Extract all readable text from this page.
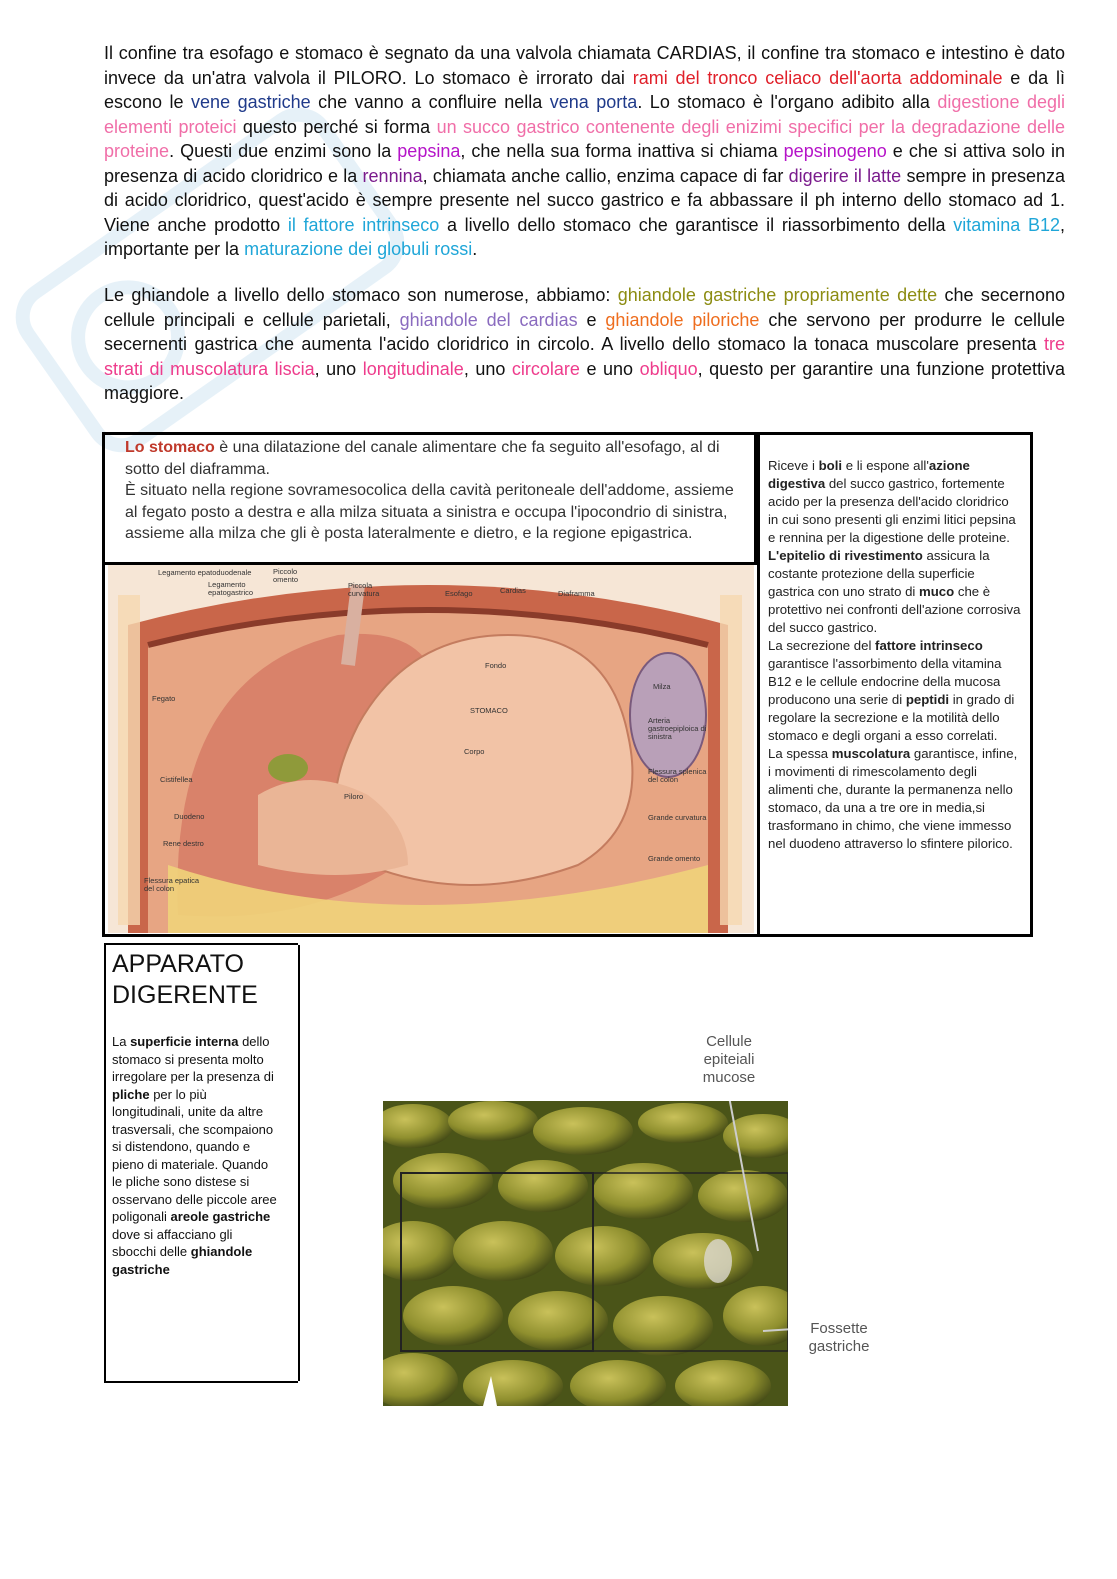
Il confine tra esofago e stomaco è segnato da una valvola chiamata CARDIAS, il confine tra stomaco e intestino è dato invece da un'atra valvola il PILORO. Lo stomaco è irrorato dai rami del tronco celiaco dell'aorta addominale e da lì escono le vene gastriche che vanno a confluire nella vena porta. Lo stomaco è l'organo adibito alla digestione degli elementi proteici questo perché si forma un succo gastrico contenente degli enizimi specifici per la degradazione delle proteine. Questi due enzimi sono la pepsina, che nella sua forma inattiva si chiama pepsinogeno e che si attiva solo in presenza di acido cloridrico e la rennina, chiamata anche callio, enzima capace di far digerire il latte sempre in presenza di acido cloridrico, quest'acido è sempre presente nel succo gastrico e fa abbassare il ph interno dello stomaco ad 1. Viene anche prodotto il fattore intrinseco a livello dello stomaco che garantisce il riassorbimento della vitamina B12, importante per la maturazione dei globuli rossi.
Le ghiandole a livello dello stomaco son numerose, abbiamo: ghiandole gastriche propriamente dette che secernono cellule principali e cellule parietali, ghiandole del cardias e ghiandole piloriche che servono per produrre le cellule secernenti gastrica che aumenta l'acido cloridrico in circolo. A livello dello stomaco la tonaca muscolare presenta tre strati di muscolatura liscia, uno longitudinale, uno circolare e uno obliquo, questo per garantire una funzione protettiva maggiore.
Lo stomaco è una dilatazione del canale alimentare che fa seguito all'esofago, al di sotto del diaframma.
È situato nella regione sovramesocolica della cavità peritoneale dell'addome, assieme al fegato posto a destra e alla milza situata a sinistra e occupa l'ipocondrio di sinistra, assieme alla milza che gli è posta lateralmente e dietro, e la regione epigastrica.
Legamento epatoduodenale	Piccolo omento
Legamento epatogastrico
Piccola curvatura	Esofago	Cardias	Diaframma
Fondo
Fegato
STOMACO
Milza
Arteria gastroepiploica di sinistra
Corpo
Cistifellea
Flessura splenica del colon
Piloro
Duodeno	Grande curvatura
Rene destro
Grande omento
Flessura epatica del colon
Riceve i boli e li espone all'azione digestiva del succo gastrico, fortemente acido per la presenza dell'acido cloridrico in cui sono presenti gli enzimi litici pepsina e rennina per la digestione delle proteine.
L'epitelio di rivestimento assicura la costante protezione della superficie gastrica con uno strato di muco che è protettivo nei confronti dell'azione corrosiva del succo gastrico.
La secrezione del fattore intrinseco garantisce l'assorbimento della vitamina B12 e le cellule endocrine della mucosa producono una serie di peptidi in grado di regolare la secrezione e la motilità dello stomaco e degli organi a esso correlati.
La spessa muscolatura garantisce, infine, i movimenti di rimescolamento degli alimenti che, durante la permanenza nello stomaco, da una a tre ore in media,si trasformano in chimo, che viene immesso nel duodeno attraverso lo sfintere pilorico.
APPARATO
DIGERENTE
La superficie interna dello stomaco si presenta molto irregolare per la presenza di pliche per lo più longitudinali, unite da altre trasversali, che scompaiono si distendono, quando e pieno di materiale. Quando le pliche sono distese si osservano delle piccole aree poligonali areole gastriche dove si affacciano gli sbocchi delle ghiandole gastriche
Cellule epiteiali mucose
Fossette gastriche
